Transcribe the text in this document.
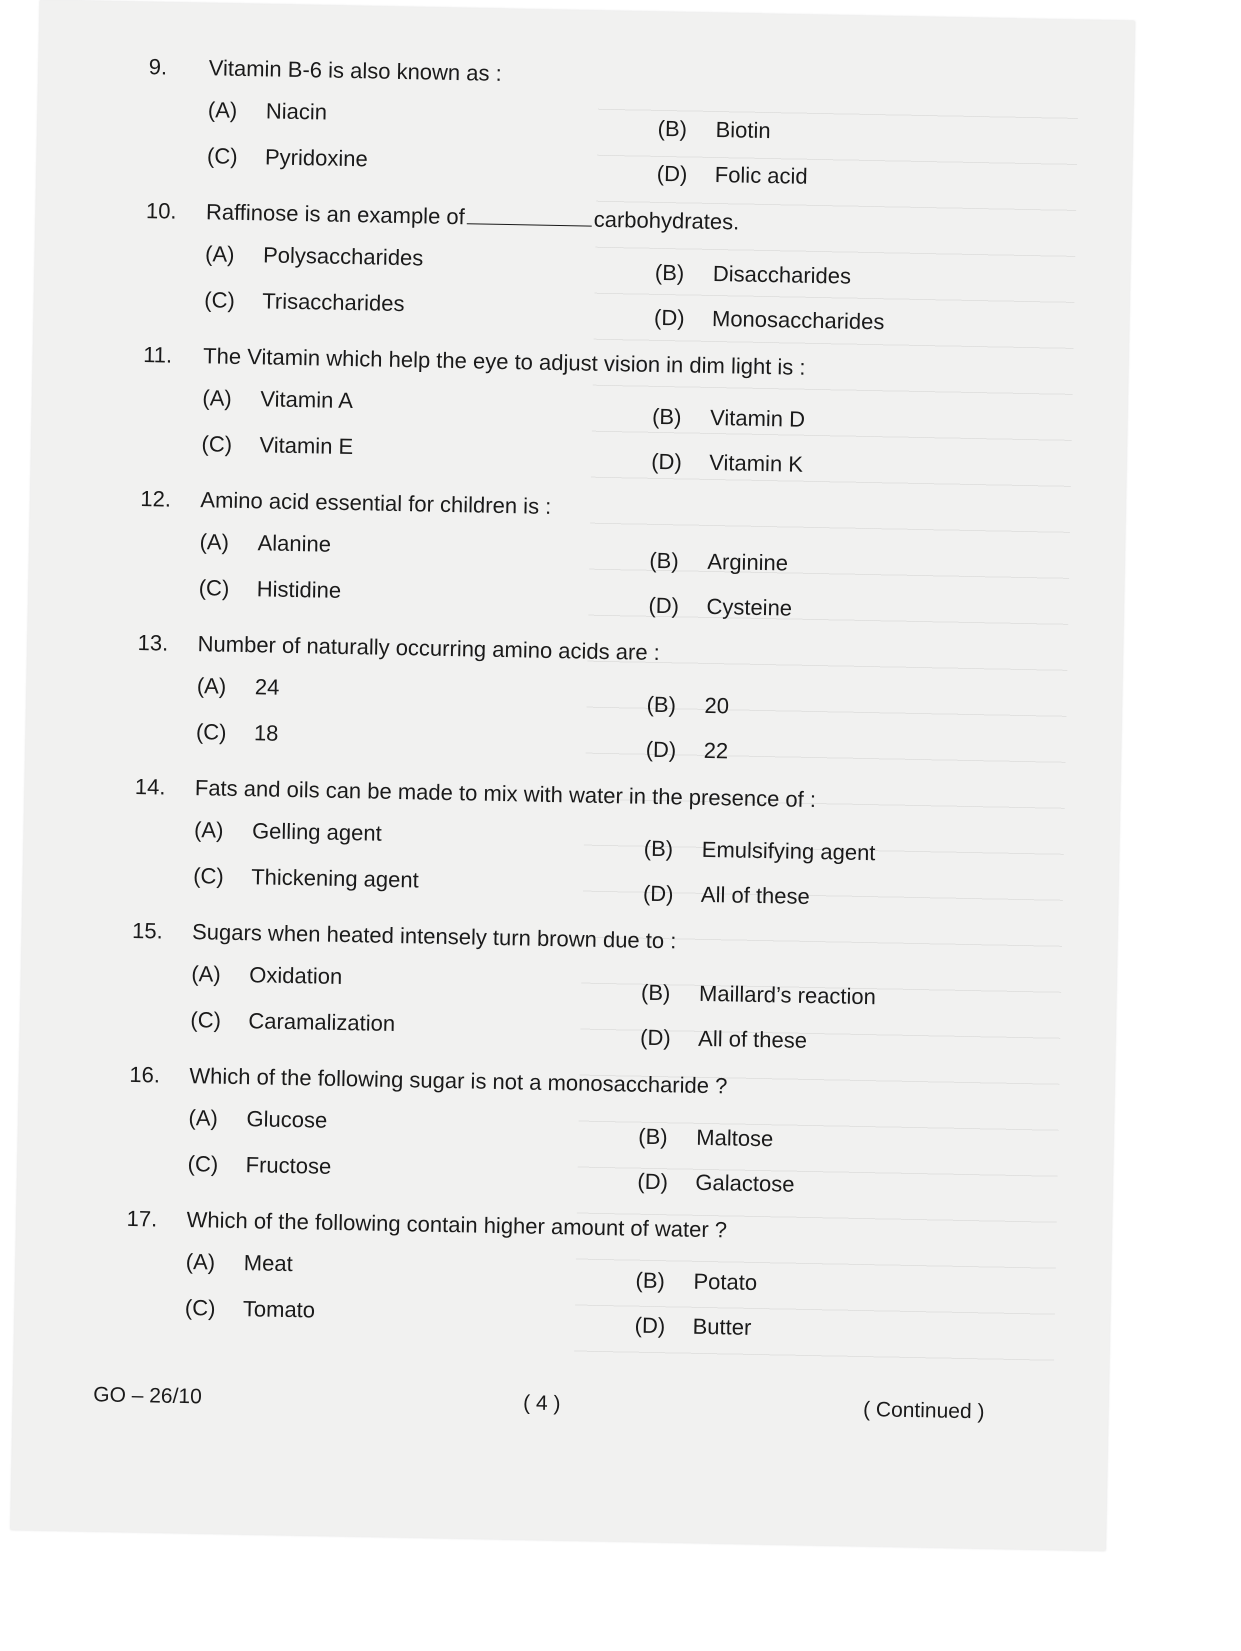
9.	Vitamin B-6 is also known as :
(A) Niacin
(C) Pyridoxine
(B) Biotin
(D) Folic acid
10.	Raffinose is an example of	carbohydrates.
(A) Polysaccharides
(C) Trisaccharides
(B) Disaccharides
(D) Monosaccharides
11.	The Vitamin which help the eye to adjust vision in dim light is :
(A) Vitamin A
(C) Vitamin E
(B) Vitamin D
(D) Vitamin K
12.	Amino acid essential for children is :
(A) Alanine
(C) Histidine
(B) Arginine
(D) Cysteine
13.	Number of naturally occurring amino acids are :
(A) 24
(C) 18
(B) 20
(D) 22
14.	Fats and oils can be made to mix with water in the presence of :
(A) Gelling agent
(C) Thickening agent
(B) Emulsifying agent
(D) All of these
15.	Sugars when heated intensely turn brown due to :
(A) Oxidation
(C) Caramalization
(B) Maillard’s reaction
(D) All of these
16.	Which of the following sugar is not a monosaccharide ?
(A) Glucose
(C) Fructose
(B) Maltose
(D) Galactose
17.	Which of the following contain higher amount of water ?
(A) Meat
(C) Tomato
(B) Potato
(D) Butter
GO – 26/10	( 4 )	( Continued )
